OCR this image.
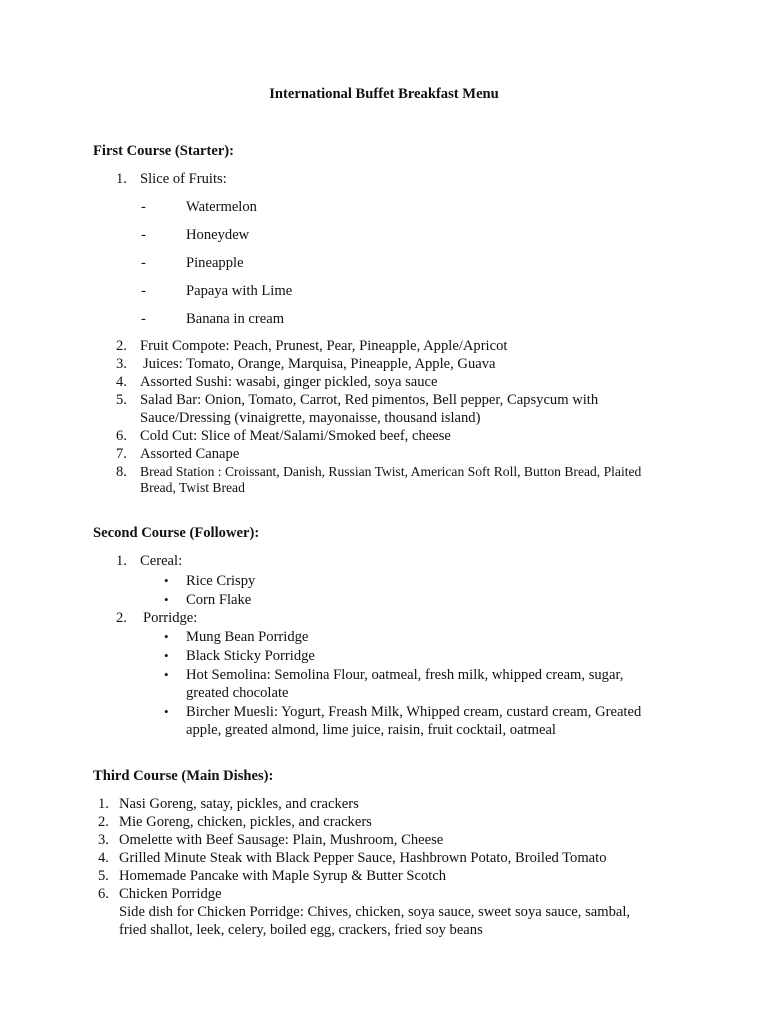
International Buffet Breakfast Menu
First Course (Starter):
1. Slice of Fruits:
-	Watermelon
-	Honeydew
-	Pineapple
-	Papaya with Lime
-	Banana in cream
2. Fruit Compote: Peach, Prunest, Pear, Pineapple, Apple/Apricot
3. Juices: Tomato, Orange, Marquisa, Pineapple, Apple, Guava
4. Assorted Sushi: wasabi, ginger pickled, soya sauce
5. Salad Bar: Onion, Tomato, Carrot, Red pimentos, Bell pepper, Capsycum with
Sauce/Dressing (vinaigrette, mayonaisse, thousand island)
6. Cold Cut: Slice of Meat/Salami/Smoked beef, cheese
7. Assorted Canape
8. Bread Station : Croissant, Danish, Russian Twist, American Soft Roll, Button Bread, Plaited
Bread, Twist Bread
Second Course (Follower):
1. Cereal:
• Rice Crispy
• Corn Flake
2. Porridge:
• Mung Bean Porridge
• Black Sticky Porridge
• Hot Semolina: Semolina Flour, oatmeal, fresh milk, whipped cream, sugar,
greated chocolate
• Bircher Muesli: Yogurt, Freash Milk, Whipped cream, custard cream, Greated
apple, greated almond, lime juice, raisin, fruit cocktail, oatmeal
Third Course (Main Dishes):
1. Nasi Goreng, satay, pickles, and crackers
2. Mie Goreng, chicken, pickles, and crackers
3. Omelette with Beef Sausage: Plain, Mushroom, Cheese
4. Grilled Minute Steak with Black Pepper Sauce, Hashbrown Potato, Broiled Tomato
5. Homemade Pancake with Maple Syrup & Butter Scotch
6. Chicken Porridge
Side dish for Chicken Porridge: Chives, chicken, soya sauce, sweet soya sauce, sambal,
fried shallot, leek, celery, boiled egg, crackers, fried soy beans
